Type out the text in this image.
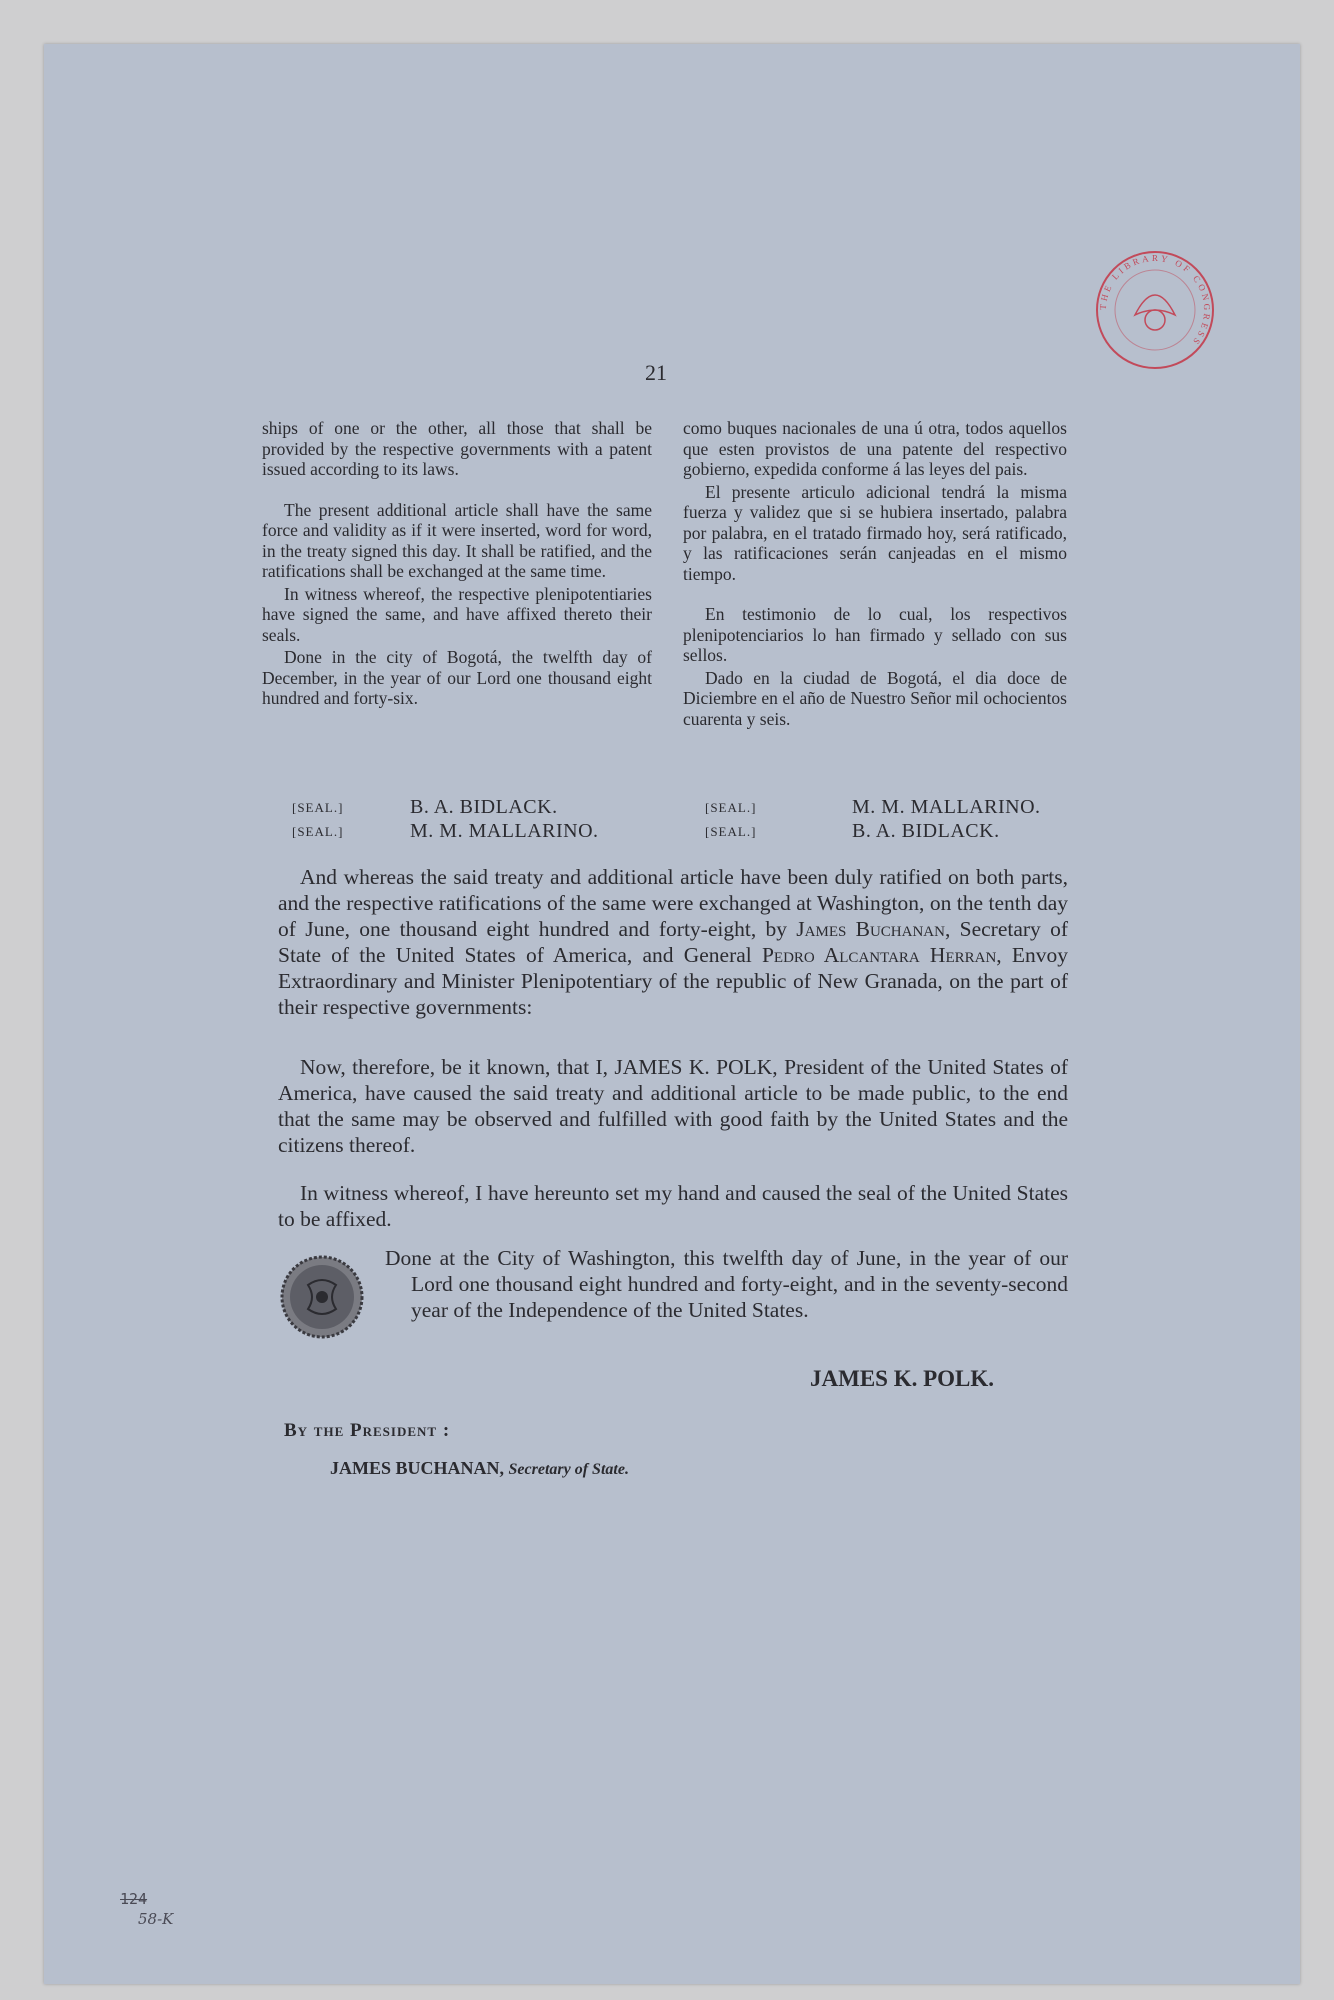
THE LIBRARY OF CONGRESS
21

ships of one or the other, all those that shall be provided by the respective governments with a patent issued according to its laws.

The present additional article shall have the same force and validity as if it were inserted, word for word, in the treaty signed this day. It shall be ratified, and the ratifications shall be exchanged at the same time.

In witness whereof, the respective plenipotentiaries have signed the same, and have affixed thereto their seals.

Done in the city of Bogotá, the twelfth day of December, in the year of our Lord one thousand eight hundred and forty-six.

como buques nacionales de una ú otra, todos aquellos que esten provistos de una patente del respectivo gobierno, expedida conforme á las leyes del pais.

El presente articulo adicional tendrá la misma fuerza y validez que si se hubiera insertado, palabra por palabra, en el tratado firmado hoy, será ratificado, y las ratificaciones serán canjeadas en el mismo tiempo.

En testimonio de lo cual, los respectivos plenipotenciarios lo han firmado y sellado con sus sellos.

Dado en la ciudad de Bogotá, el dia doce de Diciembre en el año de Nuestro Señor mil ochocientos cuarenta y seis.

[SEAL.]
[SEAL.]
B. A. BIDLACK.
M. M. MALLARINO.
[SEAL.]
[SEAL.]
M. M. MALLARINO.
B. A. BIDLACK.
And whereas the said treaty and additional article have been duly ratified on both parts, and the respective ratifications of the same were exchanged at Washington, on the tenth day of June, one thousand eight hundred and forty-eight, by James Buchanan, Secretary of State of the United States of America, and General Pedro Alcantara Herran, Envoy Extraordinary and Minister Plenipotentiary of the republic of New Granada, on the part of their respective governments:
Now, therefore, be it known, that I, JAMES K. POLK, President of the United States of America, have caused the said treaty and additional article to be made public, to the end that the same may be observed and fulfilled with good faith by the United States and the citizens thereof.
In witness whereof, I have hereunto set my hand and caused the seal of the United States to be affixed.
Done at the City of Washington, this twelfth day of June, in the year of our Lord one thousand eight hundred and forty-eight, and in the seventy-second year of the Independence of the United States.
JAMES K. POLK.
By the President :
JAMES BUCHANAN, Secretary of State.
124
58-K
